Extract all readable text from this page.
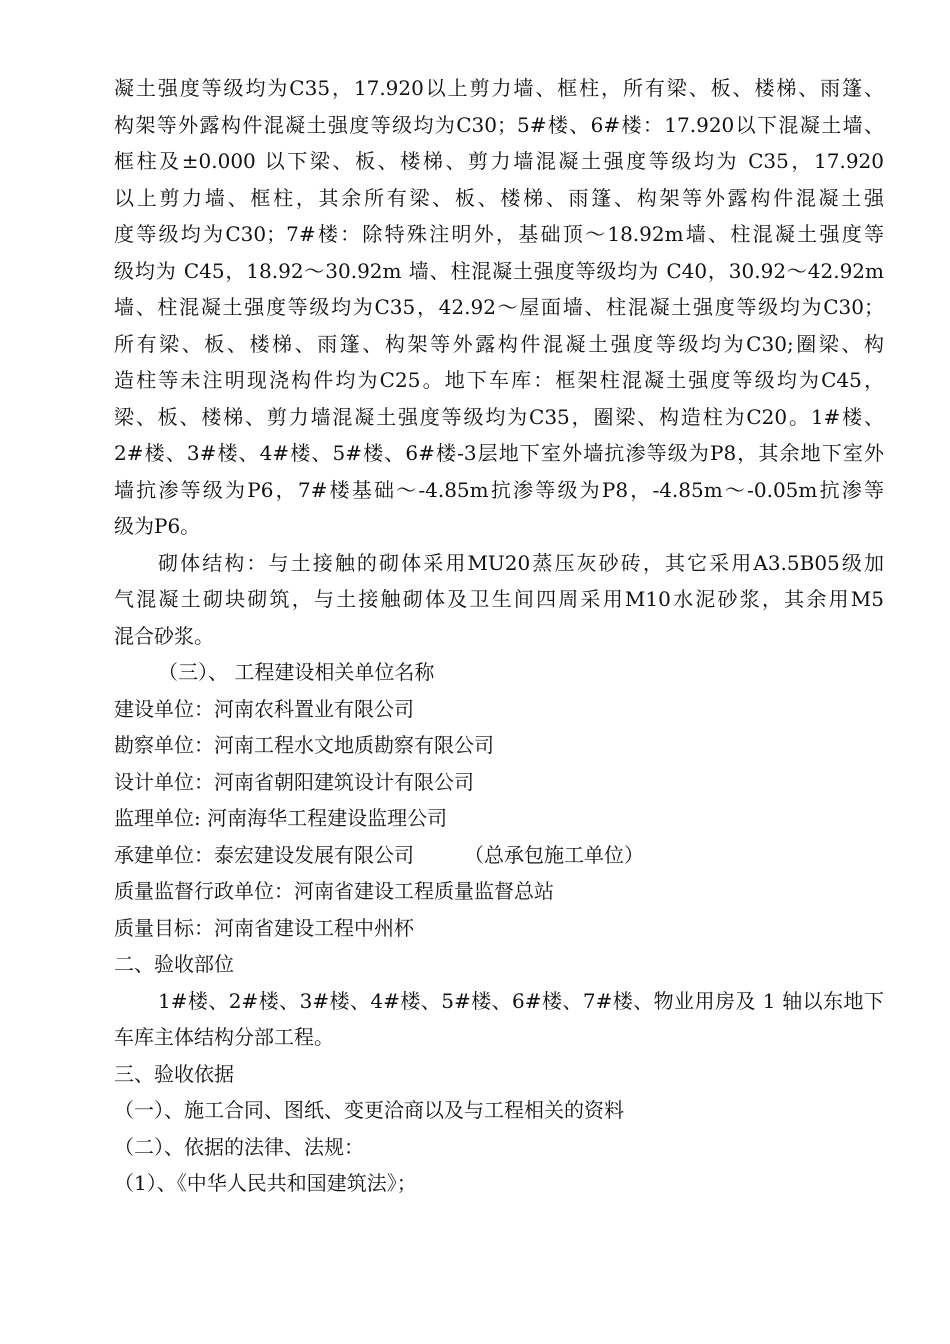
凝土强度等级均为C35，17.920以上剪力墙、框柱，所有梁、板、楼梯、雨篷、
构架等外露构件混凝土强度等级均为C30；5#楼、6#楼：17.920以下混凝土墙、
框柱及±0.000 以下梁、板、楼梯、剪力墙混凝土强度等级均为 C35，17.920
以上剪力墙、框柱，其余所有梁、板、楼梯、雨篷、构架等外露构件混凝土强
度等级均为C30；7#楼：除特殊注明外，基础顶～18.92m墙、柱混凝土强度等
级均为 C45，18.92～30.92m 墙、柱混凝土强度等级均为 C40，30.92～42.92m
墙、柱混凝土强度等级均为C35，42.92～屋面墙、柱混凝土强度等级均为C30；
所有梁、板、楼梯、雨篷、构架等外露构件混凝土强度等级均为C30;圈梁、构
造柱等未注明现浇构件均为C25。地下车库：框架柱混凝土强度等级均为C45，
梁、板、楼梯、剪力墙混凝土强度等级均为C35，圈梁、构造柱为C20。1#楼、
2#楼、3#楼、4#楼、5#楼、6#楼-3层地下室外墙抗渗等级为P8，其余地下室外
墙抗渗等级为P6，7#楼基础～-4.85m抗渗等级为P8，-4.85m～-0.05m抗渗等
级为P6。
砌体结构：与土接触的砌体采用MU20蒸压灰砂砖，其它采用A3.5B05级加
气混凝土砌块砌筑，与土接触砌体及卫生间四周采用M10水泥砂浆，其余用M5
混合砂浆。
（三）、 工程建设相关单位名称
建设单位：河南农科置业有限公司
勘察单位：河南工程水文地质勘察有限公司
设计单位：河南省朝阳建筑设计有限公司
监理单位: 河南海华工程建设监理公司
承建单位：泰宏建设发展有限公司	（总承包施工单位）
质量监督行政单位：河南省建设工程质量监督总站
质量目标：河南省建设工程中州杯
二、验收部位
1#楼、2#楼、3#楼、4#楼、5#楼、6#楼、7#楼、物业用房及 1 轴以东地下
车库主体结构分部工程。
三、验收依据
（一）、施工合同、图纸、变更洽商以及与工程相关的资料
（二）、依据的法律、法规：
（1）、《中华人民共和国建筑法》；
